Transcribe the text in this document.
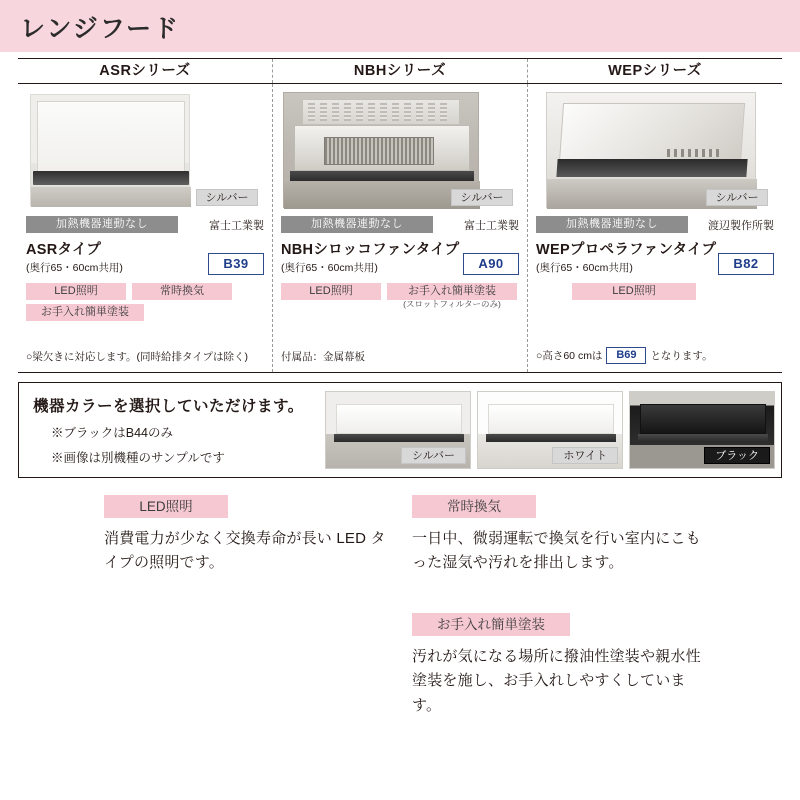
レンジフード
ASRシリーズ	NBHシリーズ	WEPシリーズ
シルバー
加熱機器連動なし	富士工業製
ASRタイプ
(奥行65・60cm共用)	B39
LED照明	常時換気
お手入れ簡単塗装
○梁欠きに対応します。(同時給排タイプは除く)
シルバー
加熱機器連動なし	富士工業製
NBHシロッコファンタイプ
(奥行65・60cm共用)	A90
LED照明	お手入れ簡単塗装
(スロットフィルターのみ)
付属品：金属幕板
シルバー
加熱機器連動なし	渡辺製作所製
WEPプロペラファンタイプ
(奥行65・60cm共用)	B82
LED照明
○高さ60 cmは	B69	となります。
機器カラーを選択していただけます。
※ブラックはB44のみ
※画像は別機種のサンプルです	シルバー	ホワイト	ブラック
LED照明
消費電力が少なく交換寿命が長い LED タイプの照明です。
常時換気
一日中、微弱運転で換気を行い室内にこもった湿気や汚れを排出します。
お手入れ簡単塗装
汚れが気になる場所に撥油性塗装や親水性塗装を施し、お手入れしやすくしています。
